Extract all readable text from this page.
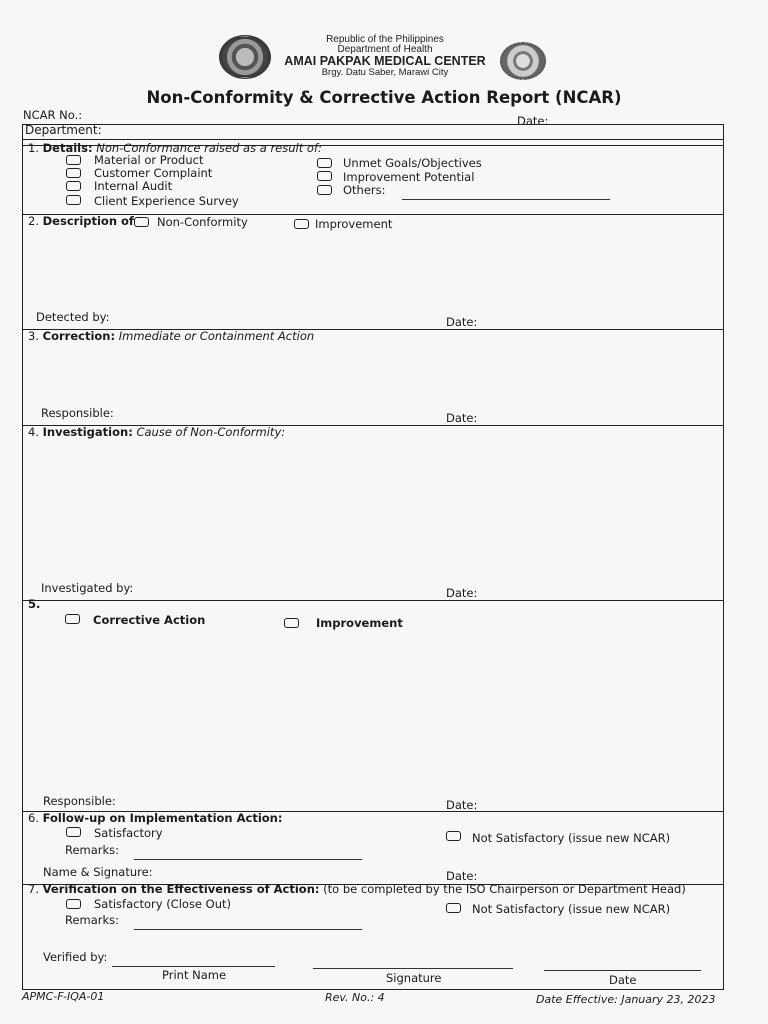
Republic of the Philippines
Department of Health
AMAI PAKPAK MEDICAL CENTER
Brgy. Datu Saber, Marawi City
Non-Conformity & Corrective Action Report (NCAR)
NCAR No.:	Date:
Department:
1. Details: Non-Conformance raised as a result of:
Material or Product
Customer Complaint
Internal Audit
Client Experience Survey
Unmet Goals/Objectives
Improvement Potential
Others:
2. Description of Non-Conformity	Improvement
Detected by:	Date:
3. Correction: Immediate or Containment Action
Responsible:	Date:
4. Investigation: Cause of Non-Conformity:
Investigated by:	Date:
5.
Corrective Action	Improvement
Responsible:	Date:
6. Follow-up on Implementation Action:
Satisfactory	Not Satisfactory (issue new NCAR)
Remarks:
Name & Signature:	Date:
7. Verification on the Effectiveness of Action: (to be completed by the ISO Chairperson or Department Head)
Satisfactory (Close Out)	Not Satisfactory (issue new NCAR)
Remarks:
Verified by:
Print Name	Signature	Date
APMC-F-IQA-01	Rev. No.: 4	Date Effective: January 23, 2023
